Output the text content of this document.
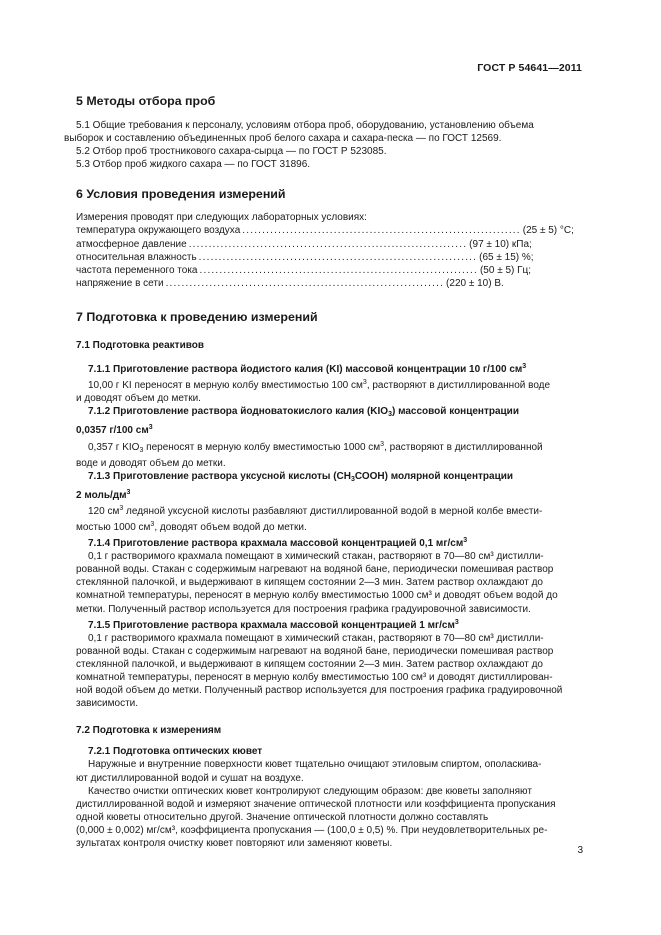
ГОСТ Р 54641—2011
5 Методы отбора проб

5.1 Общие требования к персоналу, условиям отбора проб, оборудованию, установлению объема
выборок и составлению объединенных проб белого сахара и сахара-песка — по ГОСТ 12569.

5.2 Отбор проб тростникового сахара-сырца — по ГОСТ Р 523085.

5.3 Отбор проб жидкого сахара — по ГОСТ 31896.

6 Условия проведения измерений

Измерения проводят при следующих лабораторных условиях:

температура окружающего воздуха ...................................................................... (25 ± 5) °С;
атмосферное давление ...................................................................... (97 ± 10) кПа;
относительная влажность ...................................................................... (65 ± 15) %;
частота переменного тока ...................................................................... (50 ± 5) Гц;
напряжение в сети ...................................................................... (220 ± 10) В.
7 Подготовка к проведению измерений

7.1 Подготовка реактивов

7.1.1 Приготовление раствора йодистого калия (KI) массовой концентрации 10 г/100 $см^3$

10,00 г KI переносят в мерную колбу вместимостью 100 $см^3$, растворяют в дистиллированной воде
и доводят объем до метки.

7.1.2 Приготовление раствора йодноватокислого калия $(KIO_3)$ массовой концентрации
0,0357 г/100 $см^3$

0,357 г $KIO_3$ переносят в мерную колбу вместимостью 1000 $см^3$, растворяют в дистиллированной
воде и доводят объем до метки.

7.1.3 Приготовление раствора уксусной кислоты $(СН_3СООН)$ молярной концентрации
2 моль/$дм^3$

120 $см^3$ ледяной уксусной кислоты разбавляют дистиллированной водой в мерной колбе вмести-
мостью 1000 $см^3$, доводят объем водой до метки.

7.1.4 Приготовление раствора крахмала массовой концентрацией 0,1 $мг/см^3$

0,1 г растворимого крахмала помещают в химический стакан, растворяют в 70—80 см³ дистилли-
рованной воды. Стакан с содержимым нагревают на водяной бане, периодически помешивая раствор
стеклянной палочкой, и выдерживают в кипящем состоянии 2—3 мин. Затем раствор охлаждают до
комнатной температуры, переносят в мерную колбу вместимостью 1000 см³ и доводят объем водой до
метки. Полученный раствор используется для построения графика градуировочной зависимости.

7.1.5 Приготовление раствора крахмала массовой концентрацией 1 $мг/см^3$

0,1 г растворимого крахмала помещают в химический стакан, растворяют в 70—80 см³ дистилли-
рованной воды. Стакан с содержимым нагревают на водяной бане, периодически помешивая раствор
стеклянной палочкой, и выдерживают в кипящем состоянии 2—3 мин. Затем раствор охлаждают до
комнатной температуры, переносят в мерную колбу вместимостью 100 см³ и доводят дистиллирован-
ной водой объем до метки. Полученный раствор используется для построения графика градуировочной
зависимости.

7.2 Подготовка к измерениям

7.2.1 Подготовка оптических кювет

Наружные и внутренние поверхности кювет тщательно очищают этиловым спиртом, ополаскива-
ют дистиллированной водой и сушат на воздухе.

Качество очистки оптических кювет контролируют следующим образом: две кюветы заполняют
дистиллированной водой и измеряют значение оптической плотности или коэффициента пропускания
одной кюветы относительно другой. Значение оптической плотности должно составлять
(0,000 ± 0,002) мг/см³, коэффициента пропускания — (100,0 ± 0,5) %. При неудовлетворительных ре-
зультатах контроля очистку кювет повторяют или заменяют кюветы.

3
